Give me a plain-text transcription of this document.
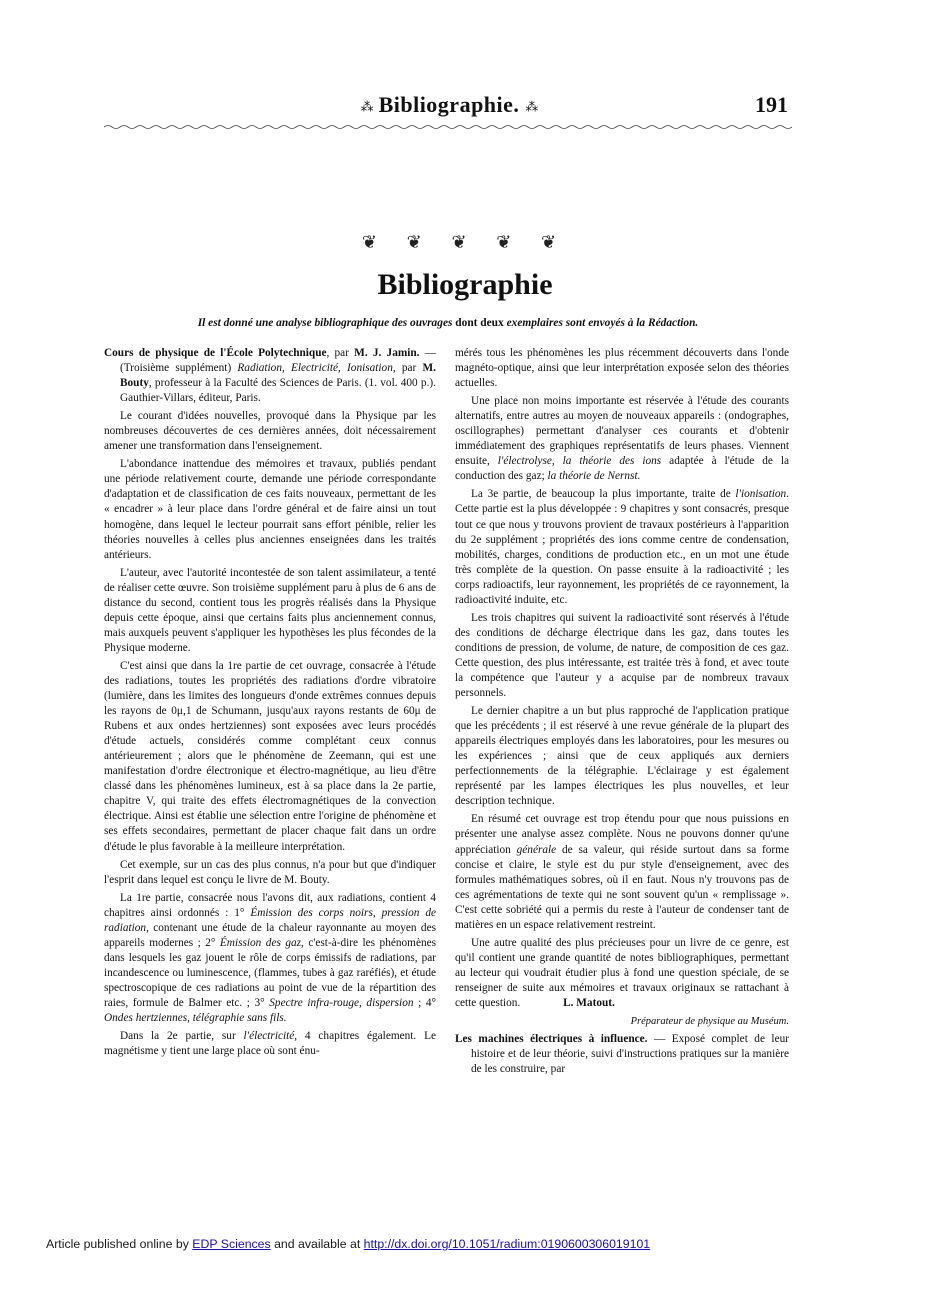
⁂ Bibliographie. ⁂	191
❦ ❦ ❦ ❦ ❦
Bibliographie
Il est donné une analyse bibliographique des ouvrages dont deux exemplaires sont envoyés à la Rédaction.

Cours de physique de l'École Polytechnique, par M. J. Jamin. — (Troisième supplément) Radiation, Electricité, Ionisation, par M. Bouty, professeur à la Faculté des Sciences de Paris. (1. vol. 400 p.). Gauthier-Villars, éditeur, Paris.

Le courant d'idées nouvelles, provoqué dans la Physique par les nombreuses découvertes de ces dernières années, doit nécessairement amener une transformation dans l'enseignement.

L'abondance inattendue des mémoires et travaux, publiés pendant une période relativement courte, demande une période correspondante d'adaptation et de classification de ces faits nouveaux, permettant de les « encadrer » à leur place dans l'ordre général et de faire ainsi un tout homogène, dans lequel le lecteur pourrait sans effort pénible, relier les théories nouvelles à celles plus anciennes enseignées dans les traités antérieurs.

L'auteur, avec l'autorité incontestée de son talent assimilateur, a tenté de réaliser cette œuvre. Son troisième supplément paru à plus de 6 ans de distance du second, contient tous les progrès réalisés dans la Physique depuis cette époque, ainsi que certains faits plus anciennement connus, mais auxquels peuvent s'appliquer les hypothèses les plus fécondes de la Physique moderne.

C'est ainsi que dans la 1re partie de cet ouvrage, consacrée à l'étude des radiations, toutes les propriétés des radiations d'ordre vibratoire (lumière, dans les limites des longueurs d'onde extrêmes connues depuis les rayons de 0μ,1 de Schumann, jusqu'aux rayons restants de 60μ de Rubens et aux ondes hertziennes) sont exposées avec leurs procédés d'étude actuels, considérés comme complétant ceux connus antérieurement ; alors que le phénomène de Zeemann, qui est une manifestation d'ordre électronique et électro-magnétique, au lieu d'être classé dans les phénomènes lumineux, est à sa place dans la 2e partie, chapitre V, qui traite des effets électromagnétiques de la convection électrique. Ainsi est établie une sélection entre l'origine de phénomène et ses effets secondaires, permettant de placer chaque fait dans un ordre d'étude le plus favorable à la meilleure interprétation.

Cet exemple, sur un cas des plus connus, n'a pour but que d'indiquer l'esprit dans lequel est conçu le livre de M. Bouty.

La 1re partie, consacrée nous l'avons dit, aux radiations, contient 4 chapitres ainsi ordonnés : 1° Émission des corps noirs, pression de radiation, contenant une étude de la chaleur rayonnante au moyen des appareils modernes ; 2° Émission des gaz, c'est-à-dire les phénomènes dans lesquels les gaz jouent le rôle de corps émissifs de radiations, par incandescence ou luminescence, (flammes, tubes à gaz raréfiés), et étude spectroscopique de ces radiations au point de vue de la répartition des raies, formule de Balmer etc. ; 3° Spectre infra-rouge, dispersion ; 4° Ondes hertziennes, télégraphie sans fils.

Dans la 2e partie, sur l'électricité, 4 chapitres également. Le magnétisme y tient une large place où sont énu-

mérés tous les phénomènes les plus récemment découverts dans l'onde magnéto-optique, ainsi que leur interprétation exposée selon des théories actuelles.

Une place non moins importante est réservée à l'étude des courants alternatifs, entre autres au moyen de nouveaux appareils : (ondographes, oscillographes) permettant d'analyser ces courants et d'obtenir immédiatement des graphiques représentatifs de leurs phases. Viennent ensuite, l'électrolyse, la théorie des ions adaptée à l'étude de la conduction des gaz; la théorie de Nernst.

La 3e partie, de beaucoup la plus importante, traite de l'ionisation. Cette partie est la plus développée : 9 chapitres y sont consacrés, presque tout ce que nous y trouvons provient de travaux postérieurs à l'apparition du 2e supplément ; propriétés des ions comme centre de condensation, mobilités, charges, conditions de production etc., en un mot une étude très complète de la question. On passe ensuite à la radioactivité ; les corps radioactifs, leur rayonnement, les propriétés de ce rayonnement, la radioactivité induite, etc.

Les trois chapitres qui suivent la radioactivité sont réservés à l'étude des conditions de décharge électrique dans les gaz, dans toutes les conditions de pression, de volume, de nature, de composition de ces gaz. Cette question, des plus intéressante, est traitée très à fond, et avec toute la compétence que l'auteur y a acquise par de nombreux travaux personnels.

Le dernier chapitre a un but plus rapproché de l'application pratique que les précédents ; il est réservé à une revue générale de la plupart des appareils électriques employés dans les laboratoires, pour les mesures ou les expériences ; ainsi que de ceux appliqués aux derniers perfectionnements de la télégraphie. L'éclairage y est également représenté par les lampes électriques les plus nouvelles, et leur description technique.

En résumé cet ouvrage est trop étendu pour que nous puissions en présenter une analyse assez complète. Nous ne pouvons donner qu'une appréciation générale de sa valeur, qui réside surtout dans sa forme concise et claire, le style est du pur style d'enseignement, avec des formules mathématiques sobres, où il en faut. Nous n'y trouvons pas de ces agrémentations de texte qui ne sont souvent qu'un « remplissage ». C'est cette sobriété qui a permis du reste à l'auteur de condenser tant de matières en un espace relativement restreint.

Une autre qualité des plus précieuses pour un livre de ce genre, est qu'il contient une grande quantité de notes bibliographiques, permettant au lecteur qui voudrait étudier plus à fond une question spéciale, de se renseigner de suite aux mémoires et travaux originaux se rattachant à cette question.	L. Matout.

Préparateur de physique au Muséum.

Les machines électriques à influence. — Exposé complet de leur histoire et de leur théorie, suivi d'instructions pratiques sur la manière de les construire, par

Article published online by EDP Sciences and available at http://dx.doi.org/10.1051/radium:0190600306019101
